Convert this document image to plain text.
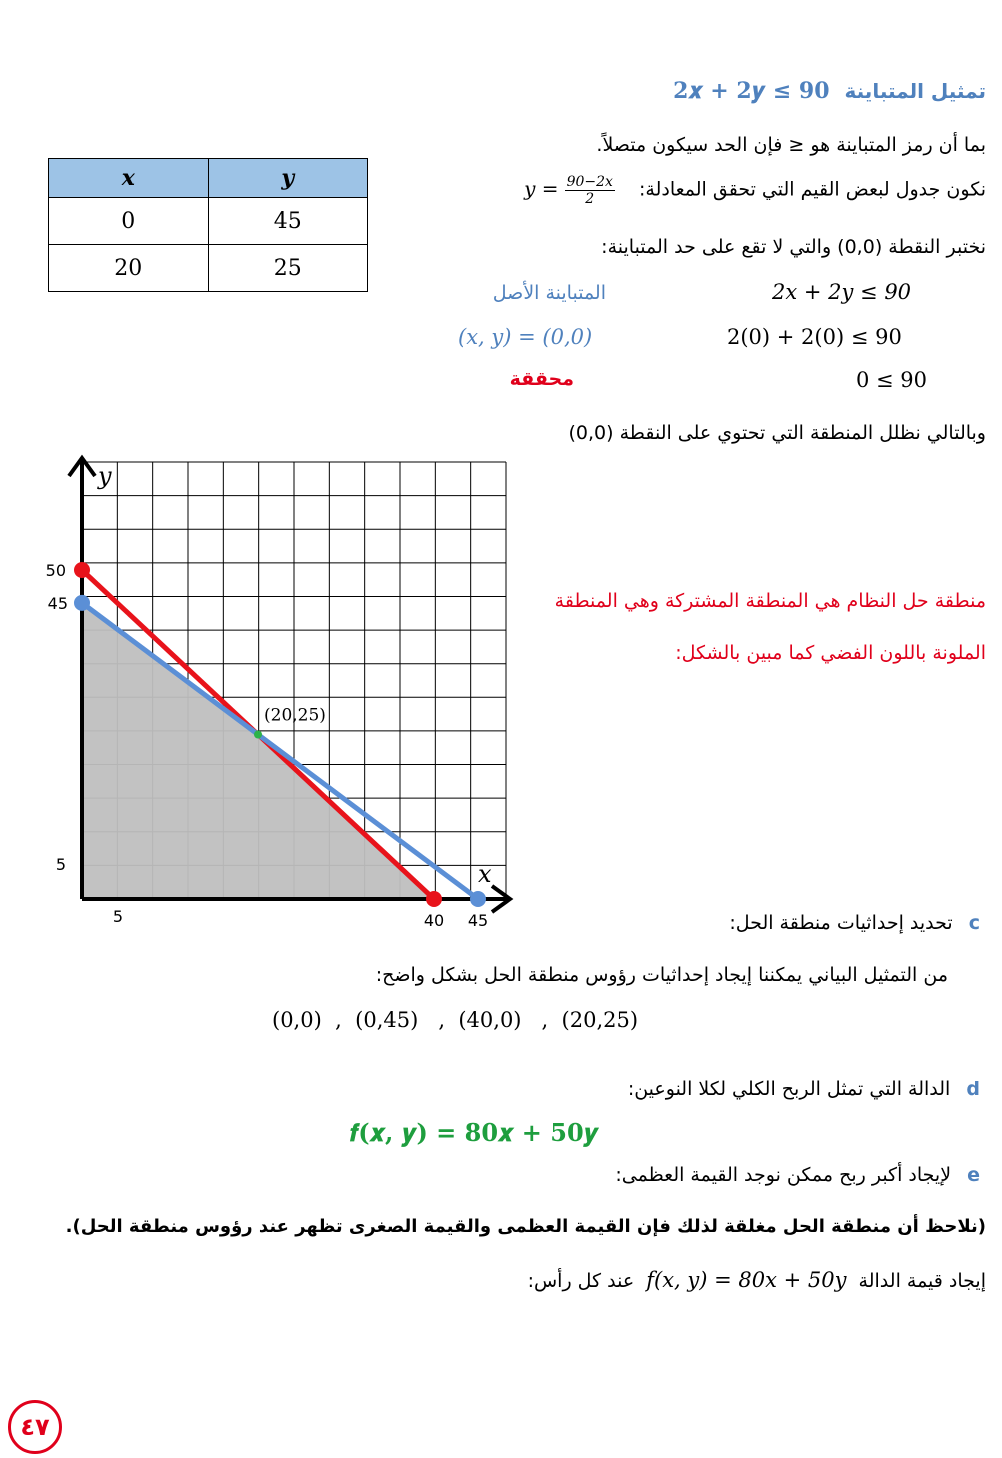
تمثيل المتباينة 2𝒙 + 2𝒚 ≤ 90
بما أن رمز المتباينة هو ≤ فإن الحد سيكون متصلاً.
نكون جدول لبعض القيم التي تحقق المعادلة: $y = \frac{90-2x}{2}$
نختبر النقطة (0,0) والتي لا تقع على حد المتباينة:
x	y
0	45
20	25
2x + 2y ≤ 90
المتباينة الأصل
2(0) + 2(0) ≤ 90
(x, y) = (0,0)
0 ≤ 90
محققة
وبالتالي نظلل المنطقة التي تحتوي على النقطة (0,0)
(20,25)
x
y
50
45
5
5	40 45
منطقة حل النظام هي المنطقة المشتركة وهي المنطقة
الملونة باللون الفضي كما مبين بالشكل:
c تحديد إحداثيات منطقة الحل:
من التمثيل البياني يمكننا إيجاد إحداثيات رؤوس منطقة الحل بشكل واضح:
(0,0)  ,  (0,45)   ,  (40,0)   ,  (20,25)
d الدالة التي تمثل الربح الكلي لكلا النوعين:
𝒇(𝒙, 𝒚) = 𝟖𝟎𝒙 + 𝟓𝟎𝒚
e لإيجاد أكبر ربح ممكن نوجد القيمة العظمى:
(نلاحظ أن منطقة الحل مغلقة لذلك فإن القيمة العظمى والقيمة الصغرى تظهر عند رؤوس منطقة الحل).
إيجاد قيمة الدالة f(x, y) = 80x + 50y عند كل رأس:
٤٧
